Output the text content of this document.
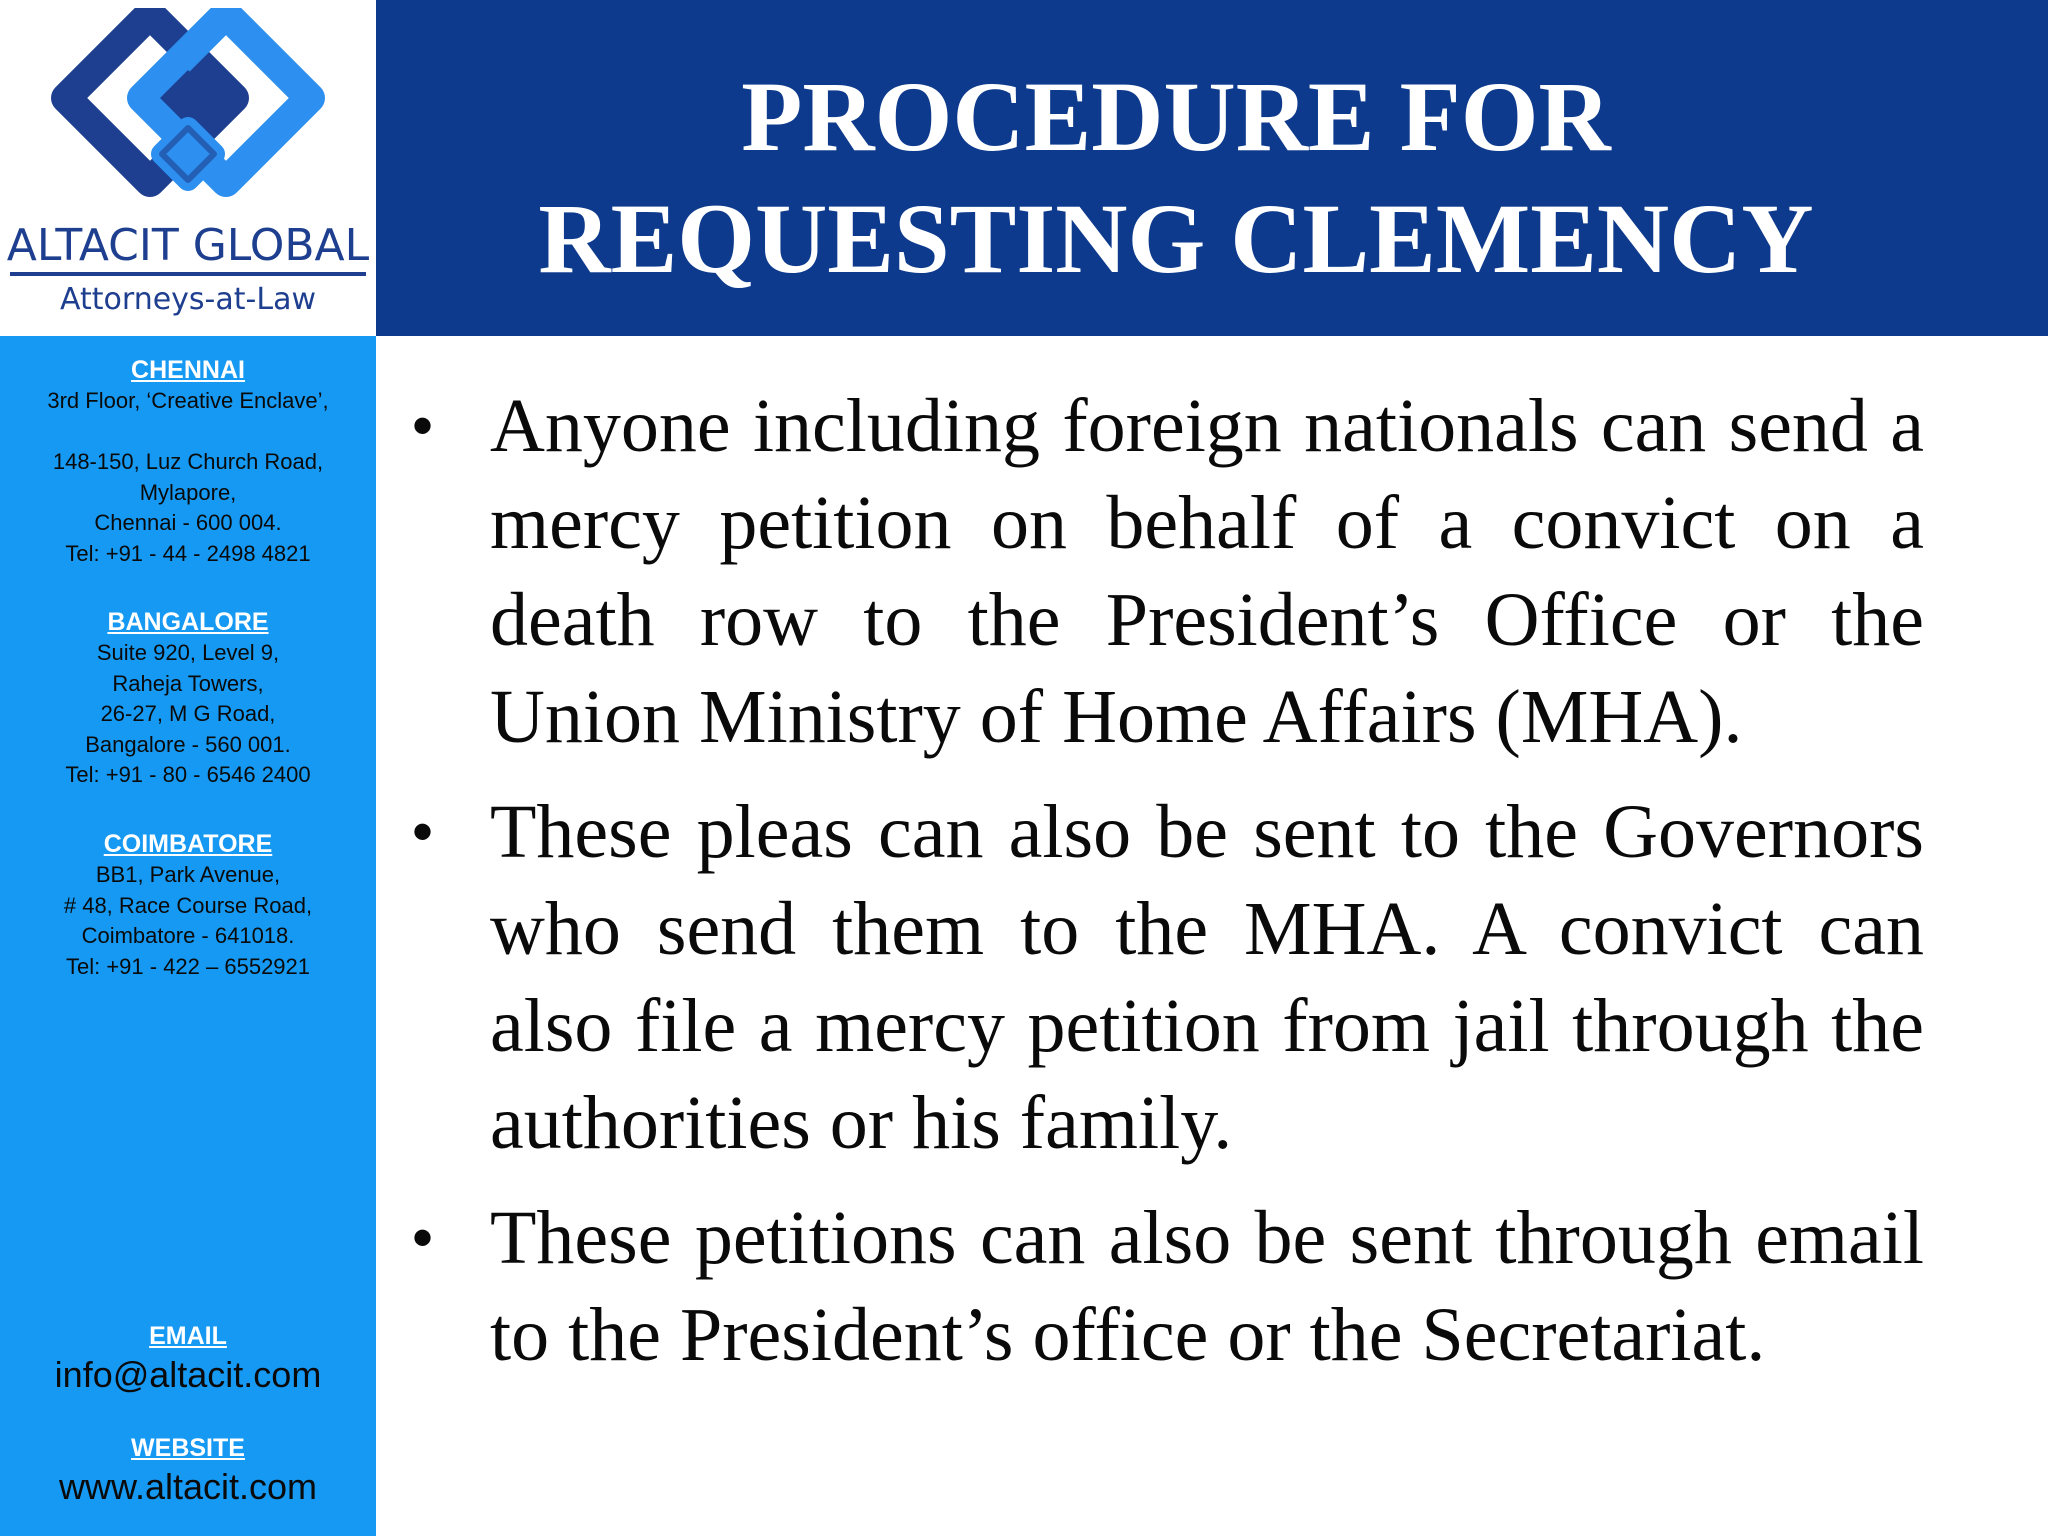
ALTACIT GLOBAL
Attorneys-at-Law
PROCEDURE FOR
REQUESTING CLEMENCY
CHENNAI
3rd Floor, ‘Creative Enclave’,
148-150, Luz Church Road,
Mylapore,
Chennai - 600 004.
Tel: +91 - 44 - 2498 4821
BANGALORE
Suite 920, Level 9,
Raheja Towers,
26-27, M G Road,
Bangalore - 560 001.
Tel: +91 - 80 - 6546 2400
COIMBATORE
BB1, Park Avenue,
# 48, Race Course Road,
Coimbatore - 641018.
Tel: +91 - 422 – 6552921
EMAIL
info@altacit.com
WEBSITE
www.altacit.com
• Anyone including foreign nationals can send a mercy petition on behalf of a convict on a death row to the President’s Office or the Union Ministry of Home Affairs (MHA).
• These pleas can also be sent to the Governors who send them to the MHA. A convict can also file a mercy petition from jail through the authorities or his family.
• These petitions can also be sent through email to the President’s office or the Secretariat.
